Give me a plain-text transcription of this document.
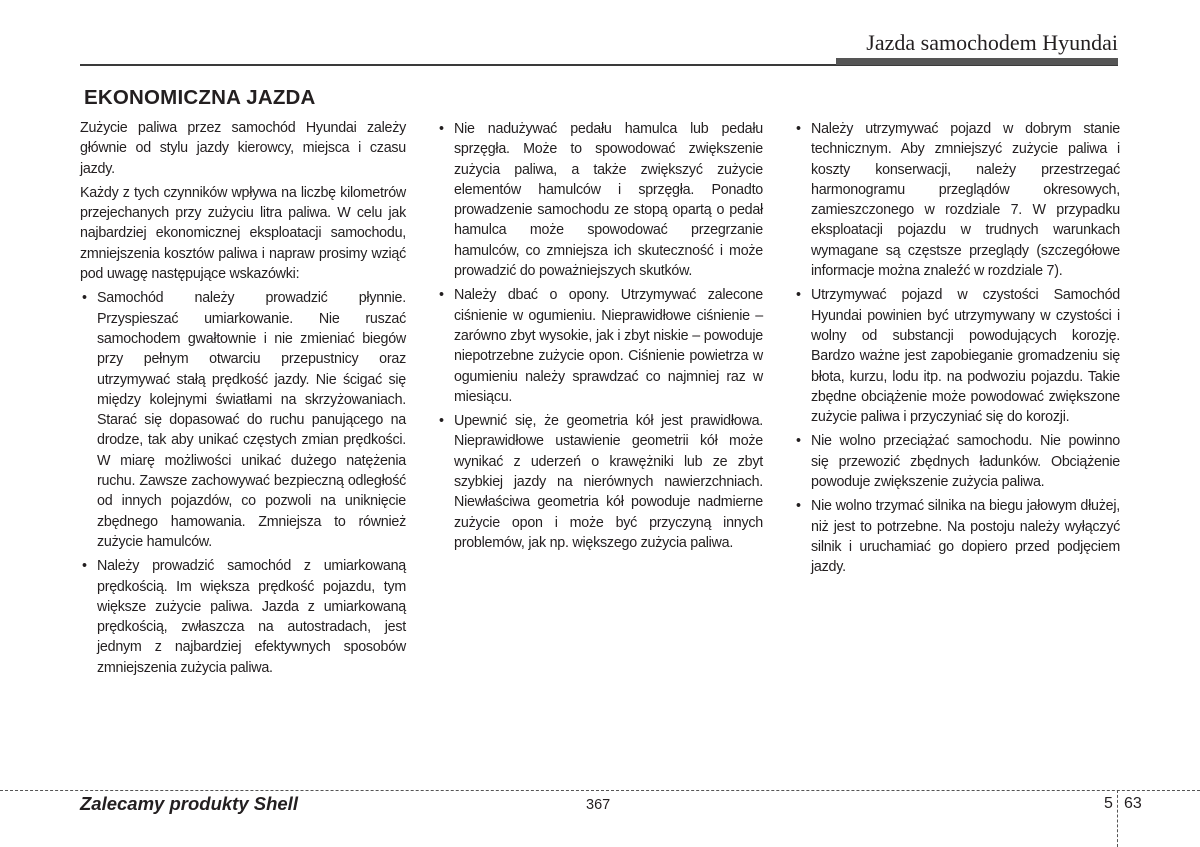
Jazda samochodem Hyundai
EKONOMICZNA JAZDA

Zużycie paliwa przez samochód Hyundai zależy głównie od stylu jazdy kierowcy, miejsca i czasu jazdy.

Każdy z tych czynników wpływa na liczbę kilometrów przejechanych przy zużyciu litra paliwa. W celu jak najbardziej ekonomicznej eksploatacji samochodu, zmniejszenia kosztów paliwa i napraw prosimy wziąć pod uwagę następujące wskazówki:

• Samochód należy prowadzić płynnie. Przyspieszać umiarkowanie. Nie ruszać samochodem gwałtownie i nie zmieniać biegów przy pełnym otwarciu przepustnicy oraz utrzymywać stałą prędkość jazdy. Nie ścigać się między kolejnymi światłami na skrzyżowaniach. Starać się dopasować do ruchu panującego na drodze, tak aby unikać częstych zmian prędkości. W miarę możliwości unikać dużego natężenia ruchu. Zawsze zachowywać bezpieczną odległość od innych pojazdów, co pozwoli na uniknięcie zbędnego hamowania. Zmniejsza to również zużycie hamulców.
• Należy prowadzić samochód z umiarkowaną prędkością. Im większa prędkość pojazdu, tym większe zużycie paliwa. Jazda z umiarkowaną prędkością, zwłaszcza na autostradach, jest jednym z najbardziej efektywnych sposobów zmniejszenia zużycia paliwa.
• Nie nadużywać pedału hamulca lub pedału sprzęgła. Może to spowodować zwiększenie zużycia paliwa, a także zwiększyć zużycie elementów hamulców i sprzęgła. Ponadto prowadzenie samochodu ze stopą opartą o pedał hamulca może spowodować przegrzanie hamulców, co zmniejsza ich skuteczność i może prowadzić do poważniejszych skutków.
• Należy dbać o opony. Utrzymywać zalecone ciśnienie w ogumieniu. Nieprawidłowe ciśnienie – zarówno zbyt wysokie, jak i zbyt niskie – powoduje niepotrzebne zużycie opon. Ciśnienie powietrza w ogumieniu należy sprawdzać co najmniej raz w miesiącu.
• Upewnić się, że geometria kół jest prawidłowa. Nieprawidłowe ustawienie geometrii kół może wynikać z uderzeń o krawężniki lub ze zbyt szybkiej jazdy na nierównych nawierzchniach. Niewłaściwa geometria kół powoduje nadmierne zużycie opon i może być przyczyną innych problemów, jak np. większego zużycia paliwa.
• Należy utrzymywać pojazd w dobrym stanie technicznym. Aby zmniejszyć zużycie paliwa i koszty konserwacji, należy przestrzegać harmonogramu przeglądów okresowych, zamieszczonego w rozdziale 7. W przypadku eksploatacji pojazdu w trudnych warunkach wymagane są częstsze przeglądy (szczegółowe informacje można znaleźć w rozdziale 7).
• Utrzymywać pojazd w czystości Samochód Hyundai powinien być utrzymywany w czystości i wolny od substancji powodujących korozję. Bardzo ważne jest zapobieganie gromadzeniu się błota, kurzu, lodu itp. na podwoziu pojazdu. Takie zbędne obciążenie może powodować zwiększone zużycie paliwa i przyczyniać się do korozji.
• Nie wolno przeciążać samochodu. Nie powinno się przewozić zbędnych ładunków. Obciążenie powoduje zwiększenie zużycia paliwa.
• Nie wolno trzymać silnika na biegu jałowym dłużej, niż jest to potrzebne. Na postoju należy wyłączyć silnik i uruchamiać go dopiero przed podjęciem jazdy.
Zalecamy produkty Shell	367	5 63
